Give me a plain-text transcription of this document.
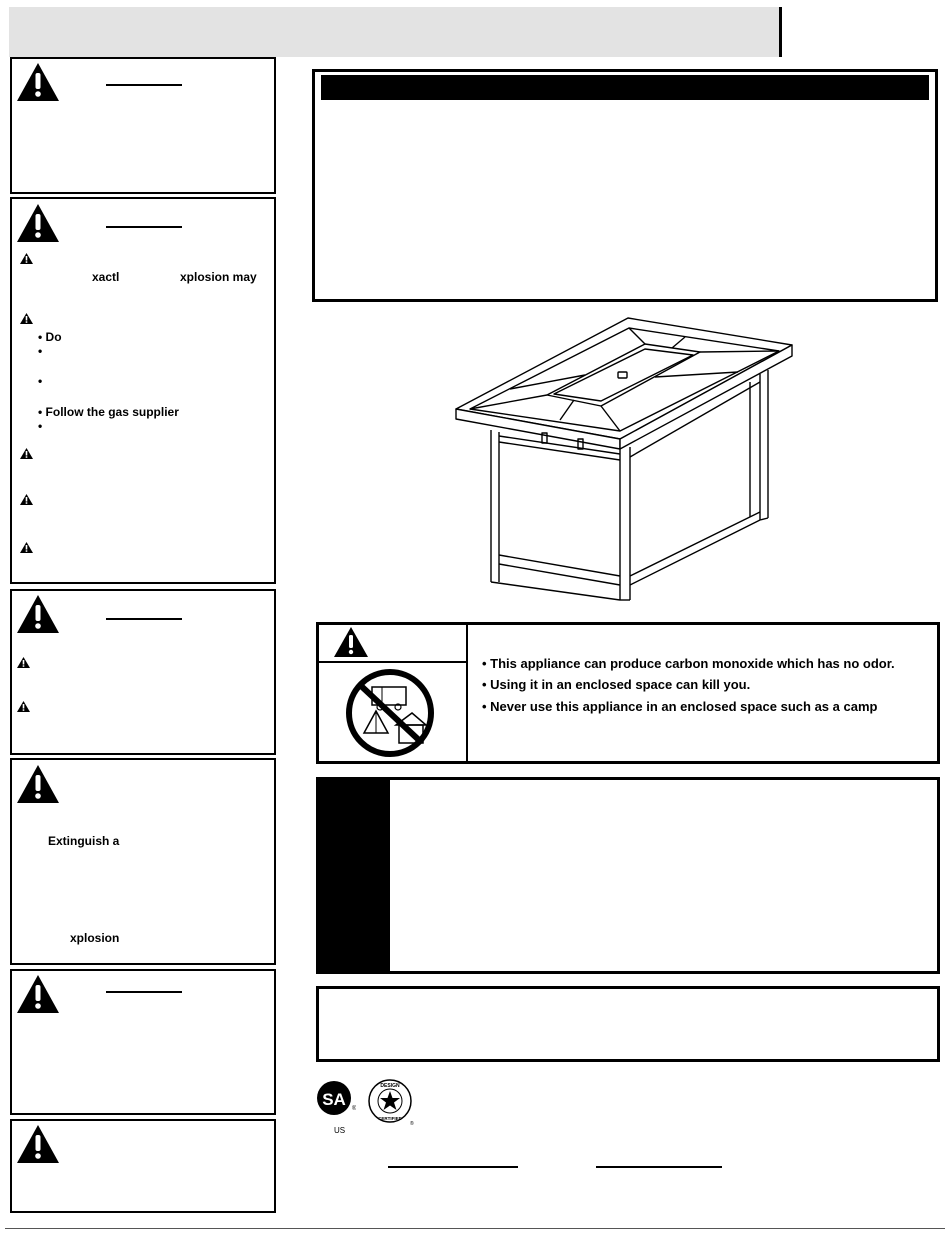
xactl	xplosion may
• Do
•
•
• Follow the gas supplier
•
Extinguish a
xplosion
• This appliance can produce carbon monoxide which has no odor.
• Using it in an enclosed space can kill you.
• Never use this appliance in an enclosed space such as a camp
SA ®
US
DESIGN
CERTIFIED
®
